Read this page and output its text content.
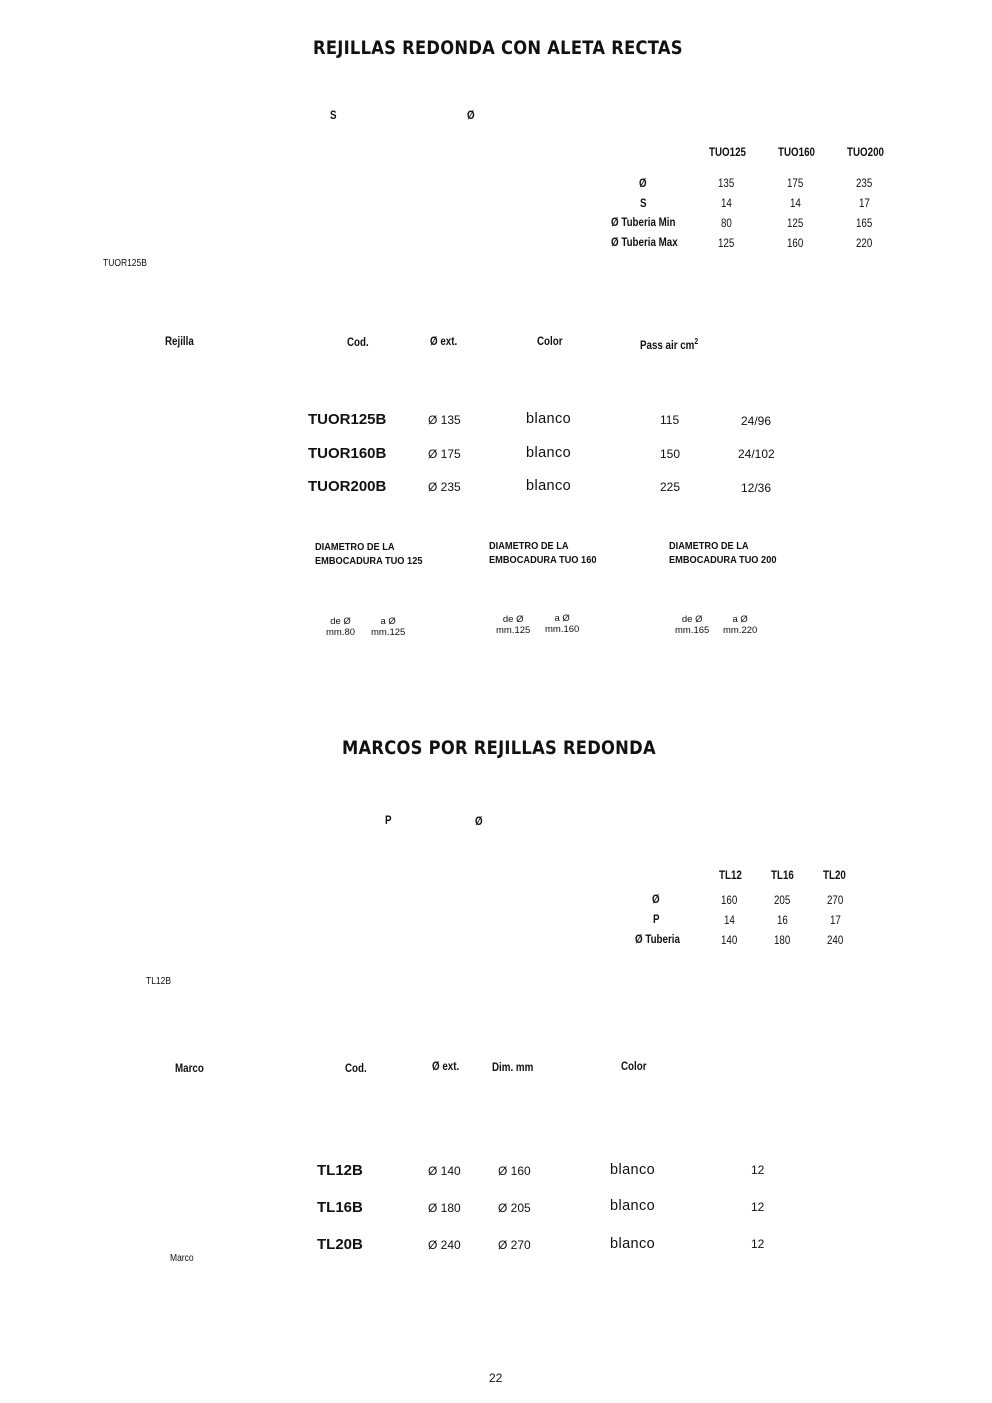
REJILLAS REDONDA CON ALETA RECTAS
S	Ø
TUOR125B
TUO125	TUO160	TUO200
Ø	135	175	235
S	14	14	17
Ø Tuberia Min	80	125	165
Ø Tuberia Max	125	160	220
Rejilla	Cod.	Ø ext.	Color	Pass air $cm^2$
TUOR125B	Ø 135	blanco	115	24/96
TUOR160B	Ø 175	blanco	150	24/102
TUOR200B	Ø 235	blanco	225	12/36
DIAMETRO DE LA
EMBOCADURA TUO 125
DIAMETRO DE LA
EMBOCADURA TUO 160
DIAMETRO DE LA
EMBOCADURA TUO 200
de Ø
mm.80
a Ø
mm.125
de Ø
mm.125
a Ø
mm.160
de Ø
mm.165
a Ø
mm.220
MARCOS POR REJILLAS REDONDA
P	Ø
TL12B
TL12	TL16	TL20
Ø	160	205	270
P	14	16	17
Ø Tuberia	140	180	240
Marco	Cod.	Ø ext.	Dim. mm	Color
TL12B	Ø 140	Ø 160	blanco	12
TL16B	Ø 180	Ø 205	blanco	12
TL20B	Ø 240	Ø 270	blanco	12
Marco
22
